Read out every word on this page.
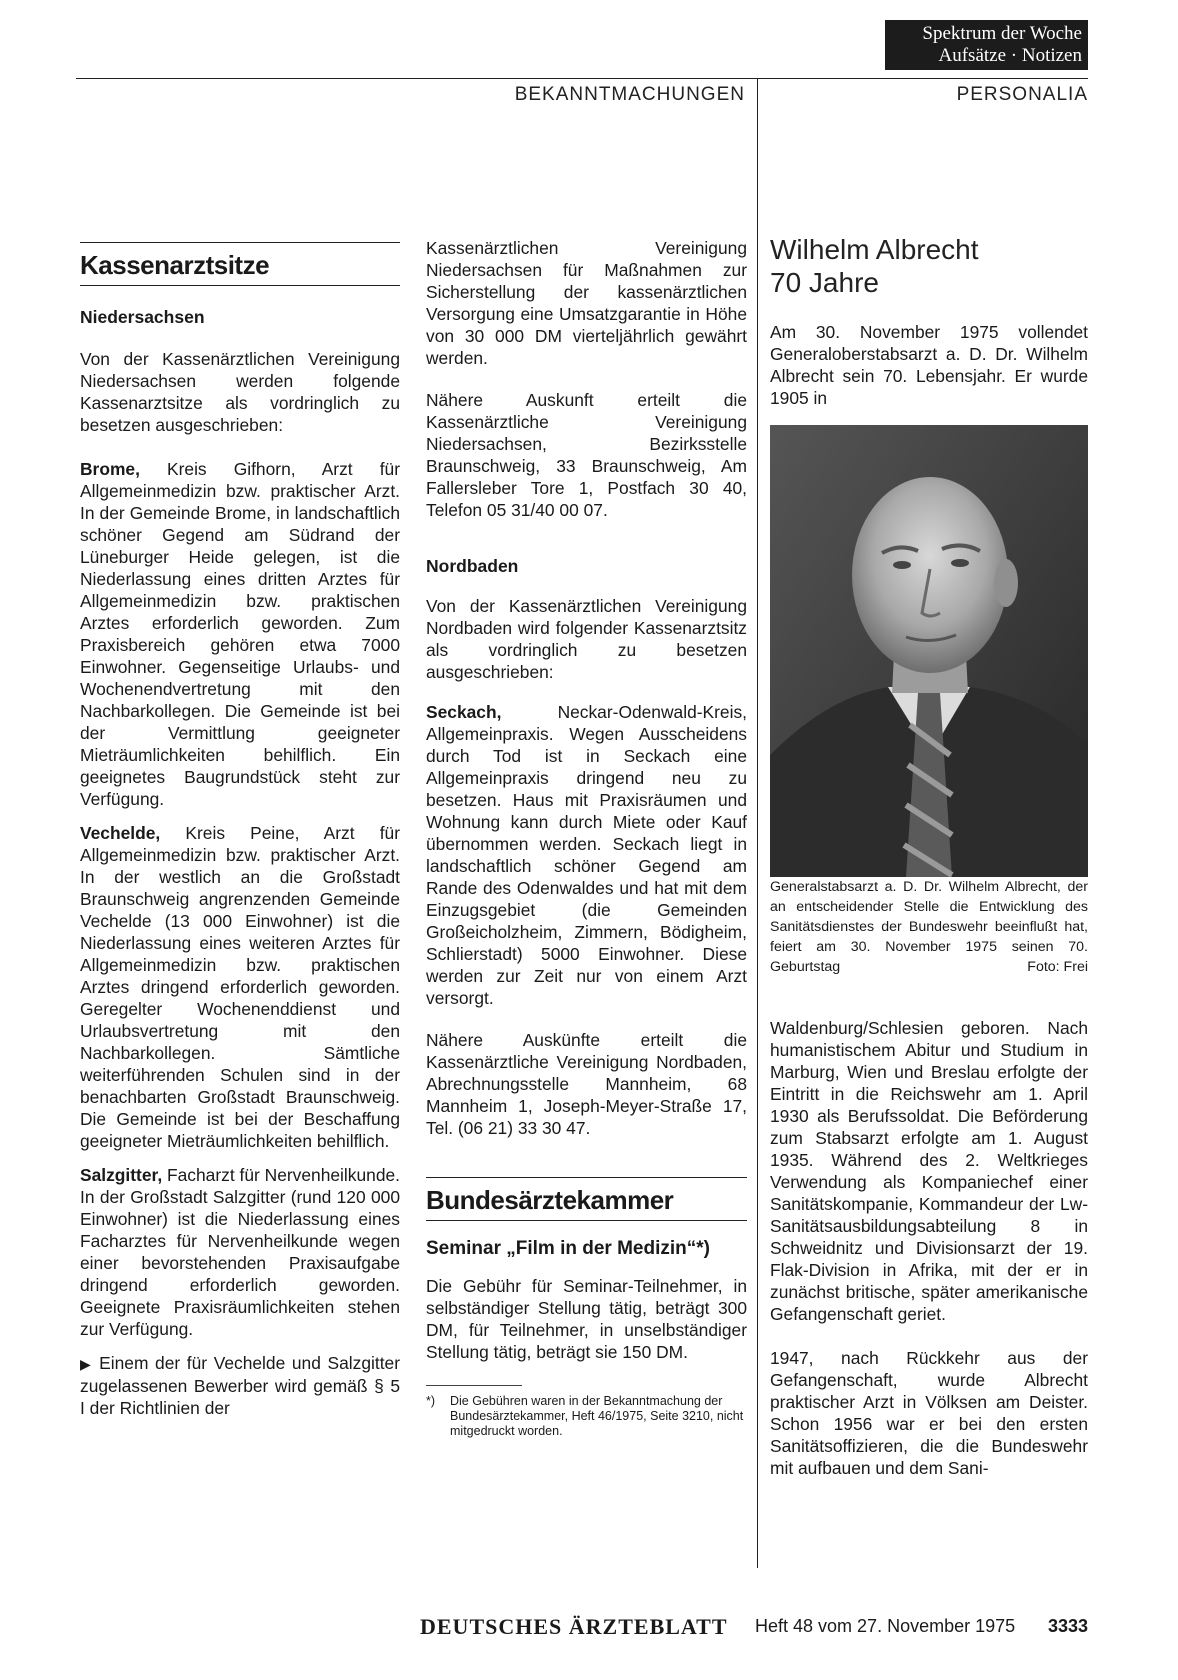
Spektrum der Woche
Aufsätze · Notizen
BEKANNTMACHUNGEN	PERSONALIA
Kassenarztsitze
Niedersachsen

Von der Kassenärztlichen Vereinigung Niedersachsen werden folgende Kassenarztsitze als vordringlich zu besetzen ausgeschrieben:

Brome, Kreis Gifhorn, Arzt für Allgemeinmedizin bzw. praktischer Arzt. In der Gemeinde Brome, in landschaftlich schöner Gegend am Südrand der Lüneburger Heide gelegen, ist die Niederlassung eines dritten Arztes für Allgemeinmedizin bzw. praktischen Arztes erforderlich geworden. Zum Praxisbereich gehören etwa 7000 Einwohner. Gegenseitige Urlaubs- und Wochenendvertretung mit den Nachbarkollegen. Die Gemeinde ist bei der Vermittlung geeigneter Mieträumlichkeiten behilflich. Ein geeignetes Baugrundstück steht zur Verfügung.

Vechelde, Kreis Peine, Arzt für Allgemeinmedizin bzw. praktischer Arzt. In der westlich an die Großstadt Braunschweig angrenzenden Gemeinde Vechelde (13 000 Einwohner) ist die Niederlassung eines weiteren Arztes für Allgemeinmedizin bzw. praktischen Arztes dringend erforderlich geworden. Geregelter Wochenenddienst und Urlaubsvertretung mit den Nachbarkollegen. Sämtliche weiterführenden Schulen sind in der benachbarten Großstadt Braunschweig. Die Gemeinde ist bei der Beschaffung geeigneter Mieträumlichkeiten behilflich.

Salzgitter, Facharzt für Nervenheilkunde. In der Großstadt Salzgitter (rund 120 000 Einwohner) ist die Niederlassung eines Facharztes für Nervenheilkunde wegen einer bevorstehenden Praxisaufgabe dringend erforderlich geworden. Geeignete Praxisräumlichkeiten stehen zur Verfügung.

▶ Einem der für Vechelde und Salzgitter zugelassenen Bewerber wird gemäß § 5 I der Richtlinien der

Kassenärztlichen Vereinigung Niedersachsen für Maßnahmen zur Sicherstellung der kassenärztlichen Versorgung eine Umsatzgarantie in Höhe von 30 000 DM vierteljährlich gewährt werden.

Nähere Auskunft erteilt die Kassenärztliche Vereinigung Niedersachsen, Bezirksstelle Braunschweig, 33 Braunschweig, Am Fallersleber Tore 1, Postfach 30 40, Telefon 05 31/40 00 07.

Nordbaden

Von der Kassenärztlichen Vereinigung Nordbaden wird folgender Kassenarztsitz als vordringlich zu besetzen ausgeschrieben:

Seckach, Neckar-Odenwald-Kreis, Allgemeinpraxis. Wegen Ausscheidens durch Tod ist in Seckach eine Allgemeinpraxis dringend neu zu besetzen. Haus mit Praxisräumen und Wohnung kann durch Miete oder Kauf übernommen werden. Seckach liegt in landschaftlich schöner Gegend am Rande des Odenwaldes und hat mit dem Einzugsgebiet (die Gemeinden Großeicholzheim, Zimmern, Bödigheim, Schlierstadt) 5000 Einwohner. Diese werden zur Zeit nur von einem Arzt versorgt.

Nähere Auskünfte erteilt die Kassenärztliche Vereinigung Nordbaden, Abrechnungsstelle Mannheim, 68 Mannheim 1, Joseph-Meyer-Straße 17, Tel. (06 21) 33 30 47.

Bundesärztekammer
Seminar „Film in der Medizin“*)

Die Gebühr für Seminar-Teilnehmer, in selbständiger Stellung tätig, beträgt 300 DM, für Teilnehmer, in unselbständiger Stellung tätig, beträgt sie 150 DM.

*) Die Gebühren waren in der Bekanntmachung der Bundesärztekammer, Heft 46/1975, Seite 3210, nicht mitgedruckt worden.
Wilhelm Albrecht
70 Jahre

Am 30. November 1975 vollendet Generaloberstabsarzt a. D. Dr. Wilhelm Albrecht sein 70. Lebensjahr. Er wurde 1905 in

Generalstabsarzt a. D. Dr. Wilhelm Albrecht, der an entscheidender Stelle die Entwicklung des Sanitätsdienstes der Bundeswehr beeinflußt hat, feiert am 30. November 1975 seinen 70. Geburtstag	Foto: Frei

Waldenburg/Schlesien geboren. Nach humanistischem Abitur und Studium in Marburg, Wien und Breslau erfolgte der Eintritt in die Reichswehr am 1. April 1930 als Berufssoldat. Die Beförderung zum Stabsarzt erfolgte am 1. August 1935. Während des 2. Weltkrieges Verwendung als Kompaniechef einer Sanitätskompanie, Kommandeur der Lw-Sanitätsausbildungsabteilung 8 in Schweidnitz und Divisionsarzt der 19. Flak-Division in Afrika, mit der er in zunächst britische, später amerikanische Gefangenschaft geriet.

1947, nach Rückkehr aus der Gefangenschaft, wurde Albrecht praktischer Arzt in Völksen am Deister. Schon 1956 war er bei den ersten Sanitätsoffizieren, die die Bundeswehr mit aufbauen und dem Sani-

DEUTSCHES ÄRZTEBLATT Heft 48 vom 27. November 1975 3333
